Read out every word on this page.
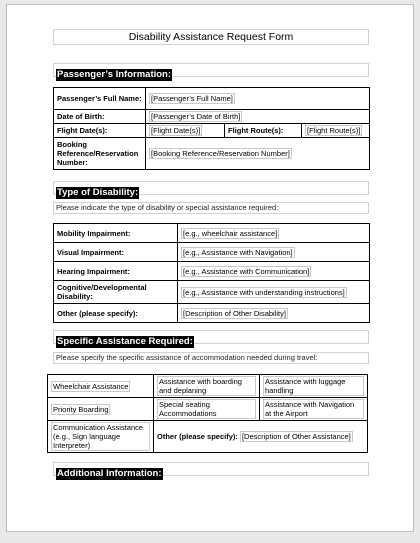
Disability Assistance Request Form
Passenger’s Information:
Passenger’s Full Name:	[Passenger’s Full Name]		
Date of Birth:	[Passenger’s Date of Birth]		
Flight Date(s):	[Flight Date(s)]	Flight Route(s):	[Flight Route(s)]
Booking Reference/Reservation Number:	[Booking Reference/Reservation Number]		
Type of Disability:
Please indicate the type of disability or special assistance required:
Mobility Impairment:	[e.g., wheelchair assistance]
Visual Impairment:	[e.g., Assistance with Navigation]
Hearing Impairment:	[e.g., Assistance with Communication]
Cognitive/Developmental Disability:	[e.g., Assistance with understanding instructions]
Other (please specify):	[Description of Other Disability]
Specific Assistance Required:
Please specify the specific assistance of accommodation needed during travel:
Wheelchair Assistance	Assistance with boarding and deplaning	Assistance with luggage handling
Priority Boarding	Special seating Accommodations	Assistance with Navigation at the Airport
Communication Assistance (e.g., Sign language Interpreter)	Other (please specify): [Description of Other Assistance]	
Additional Information:
